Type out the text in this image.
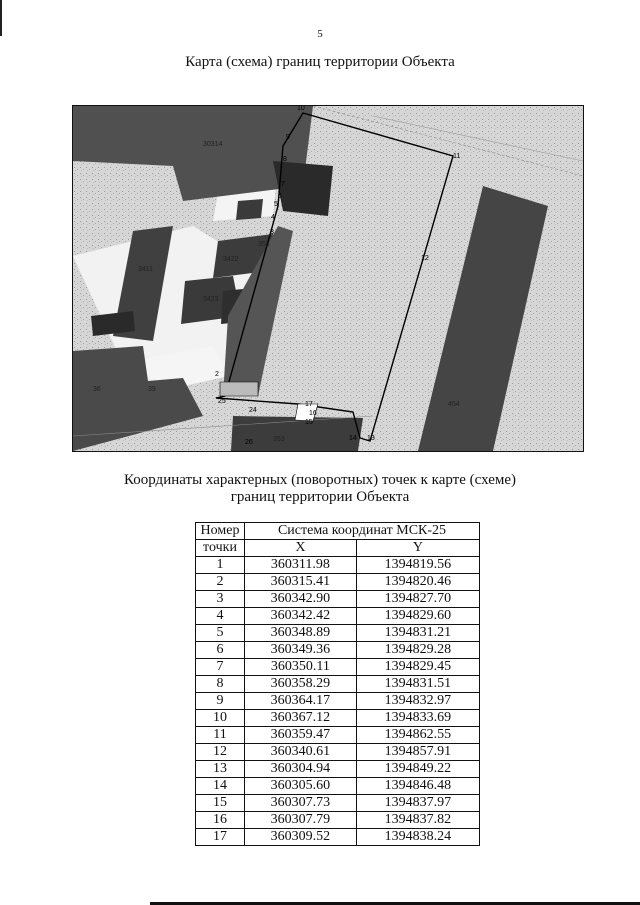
5
Карта (схема) границ территории Объекта
30314
3411
3422
3423
36	39
353
353
454
10
11
12
13
14
2
3
4
5
6
7
8
9
15
16
17
24
25
26
Координаты характерных (поворотных) точек к карте (схеме)
границ территории Объекта
Номер	Система координат МСК-25	
точки	X	Y
1	360311.98	1394819.56
2	360315.41	1394820.46
3	360342.90	1394827.70
4	360342.42	1394829.60
5	360348.89	1394831.21
6	360349.36	1394829.28
7	360350.11	1394829.45
8	360358.29	1394831.51
9	360364.17	1394832.97
10	360367.12	1394833.69
11	360359.47	1394862.55
12	360340.61	1394857.91
13	360304.94	1394849.22
14	360305.60	1394846.48
15	360307.73	1394837.97
16	360307.79	1394837.82
17	360309.52	1394838.24
